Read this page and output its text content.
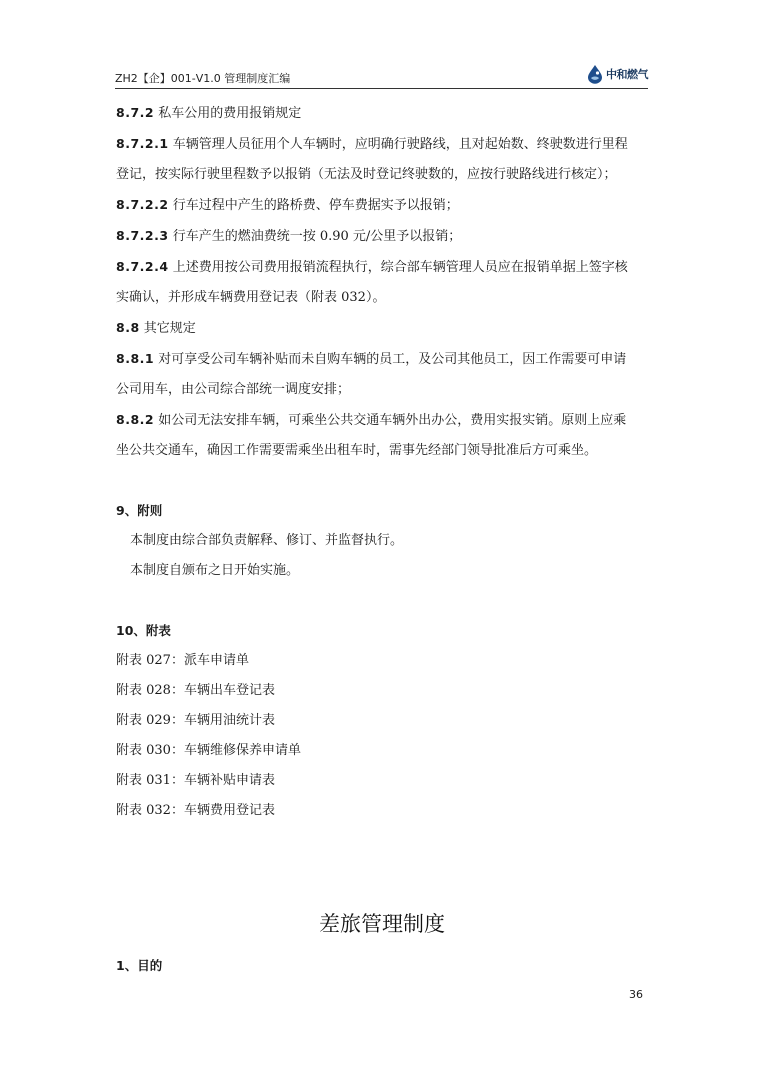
ZH2【企】001-V1.0 管理制度汇编	中和燃气
8.7.2 私车公用的费用报销规定
8.7.2.1 车辆管理人员征用个人车辆时，应明确行驶路线，且对起始数、终驶数进行里程
登记，按实际行驶里程数予以报销（无法及时登记终驶数的，应按行驶路线进行核定）；
8.7.2.2 行车过程中产生的路桥费、停车费据实予以报销；
8.7.2.3 行车产生的燃油费统一按 0.90 元/公里予以报销；
8.7.2.4 上述费用按公司费用报销流程执行，综合部车辆管理人员应在报销单据上签字核
实确认，并形成车辆费用登记表（附表 032）。
8.8 其它规定
8.8.1 对可享受公司车辆补贴而未自购车辆的员工，及公司其他员工，因工作需要可申请
公司用车，由公司综合部统一调度安排；
8.8.2 如公司无法安排车辆，可乘坐公共交通车辆外出办公，费用实报实销。原则上应乘
坐公共交通车，确因工作需要需乘坐出租车时，需事先经部门领导批准后方可乘坐。
9、附则
本制度由综合部负责解释、修订、并监督执行。
本制度自颁布之日开始实施。
10、附表
附表 027：派车申请单
附表 028：车辆出车登记表
附表 029：车辆用油统计表
附表 030：车辆维修保养申请单
附表 031：车辆补贴申请表
附表 032：车辆费用登记表
差旅管理制度
1、目的
36
